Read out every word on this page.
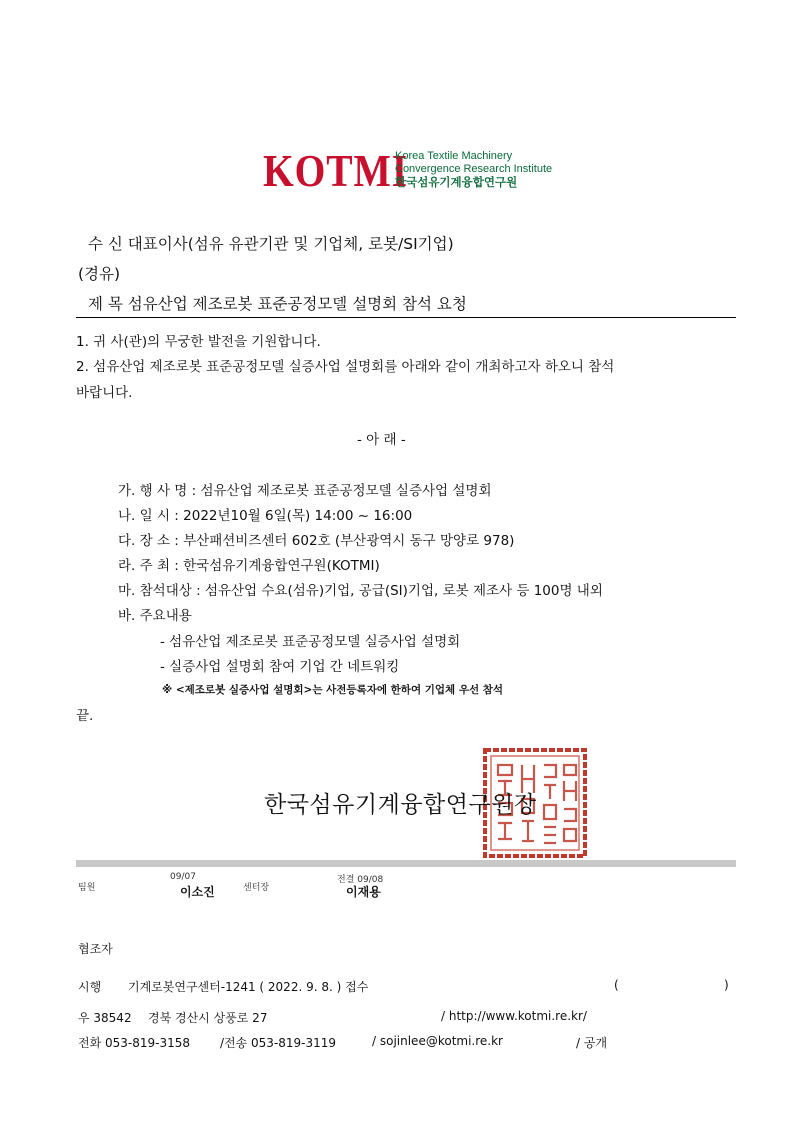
KOTMI
Korea Textile Machinery
Convergence Research Institute
한국섬유기계융합연구원
수 신 대표이사(섬유 유관기관 및 기업체, 로봇/SI기업)
(경유)
제 목 섬유산업 제조로봇 표준공정모델 설명회 참석 요청
1. 귀 사(관)의 무궁한 발전을 기원합니다.
2. 섬유산업 제조로봇 표준공정모델 실증사업 설명회를 아래와 같이 개최하고자 하오니 참석
바랍니다.
- 아 래 -
가. 행 사 명 : 섬유산업 제조로봇 표준공정모델 실증사업 설명회
나. 일 시 : 2022년10월 6일(목) 14:00 ~ 16:00
다. 장 소 : 부산패션비즈센터 602호 (부산광역시 동구 망양로 978)
라. 주 최 : 한국섬유기계융합연구원(KOTMI)
마. 참석대상 : 섬유산업 수요(섬유)기업, 공급(SI)기업, 로봇 제조사 등 100명 내외
바. 주요내용
- 섬유산업 제조로봇 표준공정모델 실증사업 설명회
- 실증사업 설명회 참여 기업 간 네트워킹
※ <제조로봇 실증사업 설명회>는 사전등록자에 한하여 기업체 우선 참석
끝.
한국섬유기계융합연구원장
팀원
09/07
이소진	센터장
전결 09/08
이재용
협조자
시행 기계로봇연구센터-1241 ( 2022. 9. 8. ) 접수	(	)
우 38542 경북 경산시 상풍로 27	/ http://www.kotmi.re.kr/
전화 053-819-3158 /전송 053-819-3119	/ sojinlee@kotmi.re.kr	/ 공개
